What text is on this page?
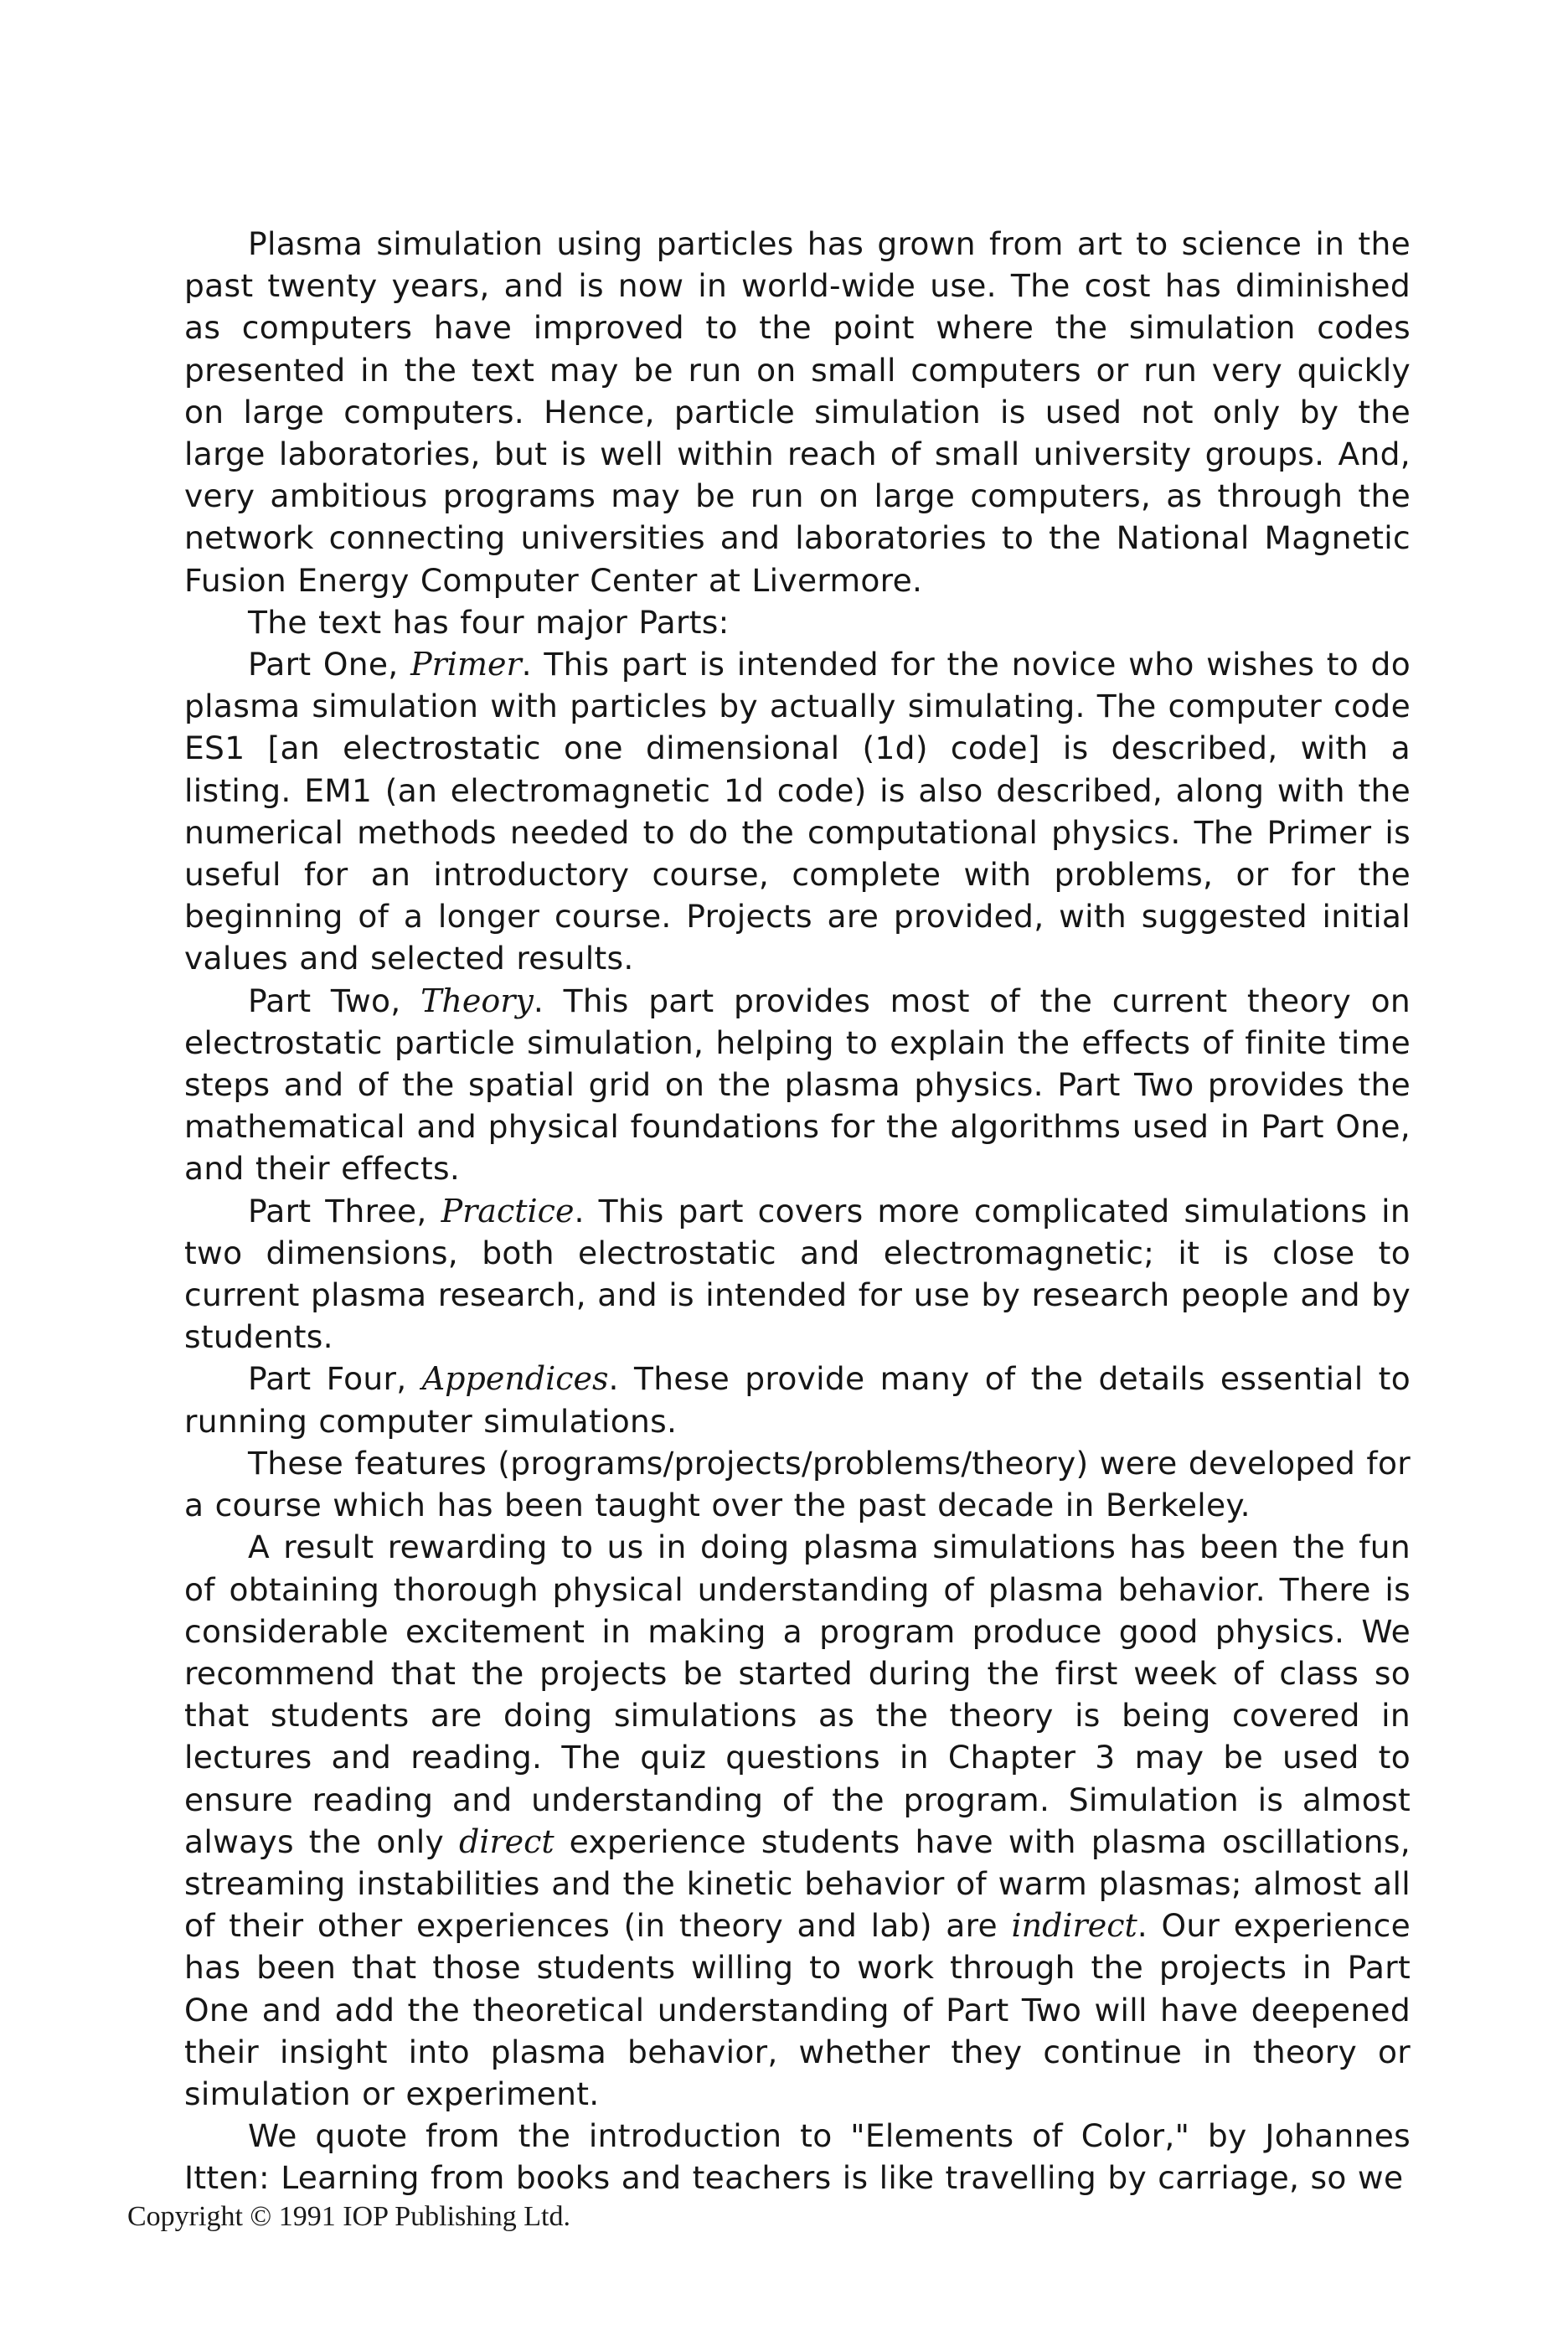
Plasma simulation using particles has grown from art to science in the past twenty years, and is now in world-wide use. The cost has diminished as computers have improved to the point where the simulation codes presented in the text may be run on small computers or run very quickly on large computers. Hence, particle simulation is used not only by the large laboratories, but is well within reach of small university groups. And, very ambitious programs may be run on large computers, as through the network connecting universities and laboratories to the National Magnetic Fusion Energy Computer Center at Livermore.

The text has four major Parts:

Part One, Primer. This part is intended for the novice who wishes to do plasma simulation with particles by actually simulating. The computer code ES1 [an electrostatic one dimensional (1d) code] is described, with a listing. EM1 (an electromagnetic 1d code) is also described, along with the numerical methods needed to do the computational physics. The Primer is useful for an introductory course, complete with problems, or for the beginning of a longer course. Projects are provided, with suggested initial values and selected results.

Part Two, Theory. This part provides most of the current theory on electrostatic particle simulation, helping to explain the effects of finite time steps and of the spatial grid on the plasma physics. Part Two provides the mathematical and physical foundations for the algorithms used in Part One, and their effects.

Part Three, Practice. This part covers more complicated simulations in two dimensions, both electrostatic and electromagnetic; it is close to current plasma research, and is intended for use by research people and by students.

Part Four, Appendices. These provide many of the details essential to running computer simulations.

These features (programs/projects/problems/theory) were developed for a course which has been taught over the past decade in Berkeley.

A result rewarding to us in doing plasma simulations has been the fun of obtaining thorough physical understanding of plasma behavior. There is considerable excitement in making a program produce good physics. We recommend that the projects be started during the first week of class so that students are doing simulations as the theory is being covered in lectures and reading. The quiz questions in Chapter 3 may be used to ensure reading and understanding of the program. Simulation is almost always the only direct experience students have with plasma oscillations, streaming instabilities and the kinetic behavior of warm plasmas; almost all of their other experiences (in theory and lab) are indirect. Our experience has been that those students willing to work through the projects in Part One and add the theoretical understanding of Part Two will have deepened their insight into plasma behavior, whether they continue in theory or simulation or experiment.

We quote from the introduction to "Elements of Color," by Johannes Itten: Learning from books and teachers is like travelling by carriage, so we

Copyright © 1991 IOP Publishing Ltd.
